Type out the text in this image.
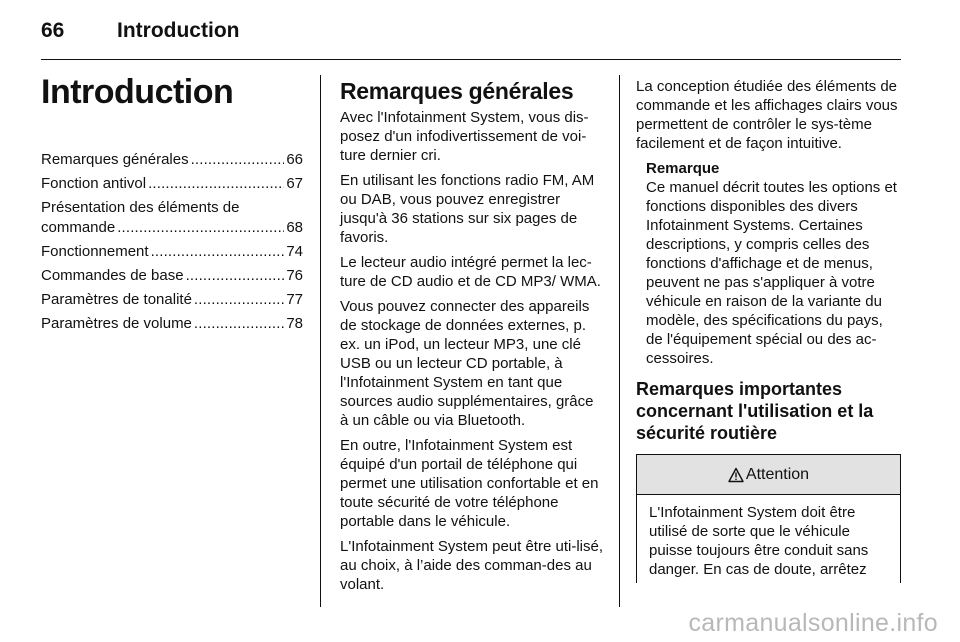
66	Introduction
Introduction
Remarques générales . . .	66
Fonction antivol . . .	67
Présentation des éléments de
commande . . .	68
Fonctionnement . . .	74
Commandes de base . . .	76
Paramètres de tonalité . . .	77
Paramètres de volume . . .	78
Remarques générales

Avec l'Infotainment System, vous dis-posez d'un infodivertissement de voi-ture dernier cri.

En utilisant les fonctions radio FM, AM ou DAB, vous pouvez enregistrer jusqu'à 36 stations sur six pages de favoris.

Le lecteur audio intégré permet la lec-ture de CD audio et de CD MP3/ WMA.

Vous pouvez connecter des appareils de stockage de données externes, p. ex. un iPod, un lecteur MP3, une clé USB ou un lecteur CD portable, à l'Infotainment System en tant que sources audio supplémentaires, grâce à un câble ou via Bluetooth.

En outre, l'Infotainment System est équipé d'un portail de téléphone qui permet une utilisation confortable et en toute sécurité de votre téléphone portable dans le véhicule.

L'Infotainment System peut être uti-lisé, au choix, à l’aide des comman-des au volant.

La conception étudiée des éléments de commande et les affichages clairs vous permettent de contrôler le sys-tème facilement et de façon intuitive.

Remarque
Ce manuel décrit toutes les options et fonctions disponibles des divers Infotainment Systems. Certaines descriptions, y compris celles des fonctions d'affichage et de menus, peuvent ne pas s'appliquer à votre véhicule en raison de la variante du modèle, des spécifications du pays, de l'équipement spécial ou des ac-cessoires.
Remarques importantes concernant l'utilisation et la sécurité routière
Attention
L'Infotainment System doit être utilisé de sorte que le véhicule puisse toujours être conduit sans danger. En cas de doute, arrêtez
carmanualsonline.info
